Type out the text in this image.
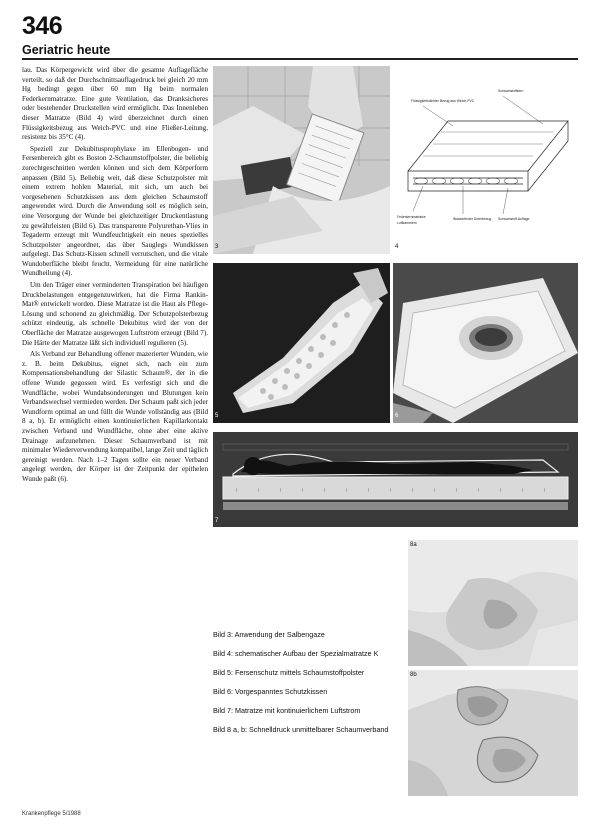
346
Geriatric heute

lau. Das Körpergewicht wird über die gesamte Auflagefläche verteilt, so daß der Durchschnittsauflagedruck bei gleich 20 mm Hg bedingt gegen über 60 mm Hg beim normalen Federkernmatratze. Eine gute Ventilation, das Dranksicheres oder bestehender Druckstellen wird ermöglicht. Das Innenleben dieser Matratze (Bild 4) wird überzeichnet durch einen Flüssigkeitsbezug aus Weich-PVC und eine Fließer-Leitung, resistenz bis 35°C (4).

Speziell zur Dekubitusprophylaxe im Ellenbogen- und Fersenbereich gibt es Boston 2-Schaumstoffpolster, die beliebig zurechtgeschnitten werden können und sich dem Körperform anpassen (Bild 5). Beliebig weit, daß diese Schutzpolster mit einem extrem hohlen Material, mit sich, um auch bei vorgesehenen Schutzkissen aus dem gleichen Schaumstoff angewendet wird. Durch die Anwendung soll es möglich sein, eine Versorgung der Wunde bei gleichzeitiger Druckentlastung zu gewährleisten (Bild 6). Das transparente Polyurethan-Vlies in Tegaderm erzeugt mit Wundfeuchtigkeit ein neues spezielles Schutzpolster angeordnet, das über Sauglegs Wundkissen aufgelegt. Das Schutz-Kissen schnell verrutschen, und die vitale Wundoberfläche bleibt feucht. Vermeidung für eine natürliche Wundheilung (4).

Um den Träger einer verminderten Transpiration bei häufigen Druckbelastungen entgegenzuwirken, hat die Firma Rankin-Mat® entwickelt worden. Diese Matratze ist die Haut als Pflege-Lösung und schonend zu gleichmäßig. Der Schutzpolsterbezug schützt eindeutig, als schnelle Dekubitus wird der von der Oberfläche der Matratze ausgewogen Luftstrom erzeugt (Bild 7). Die Härte der Matratze läßt sich individuell regulieren (5).

Als Verband zur Behandlung offener mazerierter Wunden, wie z. B. beim Dekubitus, eignet sich, nach ein zum Kompensationsbehandlung der Silastic Schaum®, der in die offene Wunde gegossen wird. Es verfestigt sich und die Wundfläche, wobei Wundabsonderungen und Blutungen kein Verbandswechsel vermieden werden. Der Schaum paßt sich jeder Wundform optimal an und füllt die Wunde vollständig aus (Bild 8 a, b). Er ermöglicht einen kontinuierlichen Kapillarkontakt zwischen Verband und Wundfläche, ohne aber eine aktive Drainage aufzunehmen. Dieser Schaumverband ist mit minimaler Wiederverwendung kompatibel, lange Zeit und täglich gereinigt werden. Nach 1–2 Tagen sollte ein neuer Verband angelegt werden, der Körper ist der Zeitpunkt der epithelen Wunde paßt (6).

3
Flüssigkeitsdichter Bezug aus Weich-PVC
Schaumstoffkern
Federkernmatratze
Luftkammern
Wasserfester Unterbezug Schaumstoff-Auflage
4
5	6
↑	↑	↑	↑	↑	↑	↑	↑	↑	↑	↑	↑	↑	↑	↑
7
8a
8b
Bild 3: Anwendung der Salbengaze
Bild 4: schematischer Aufbau der Spezialmatratze K
Bild 5: Fersenschutz mittels Schaumstoffpolster
Bild 6: Vorgespanntes Schutzkissen
Bild 7: Matratze mit kontinuierlichem Luftstrom
Bild 8 a, b: Schnelldruck unmittelbarer Schaumverband
Krankenpflege 5/1988
